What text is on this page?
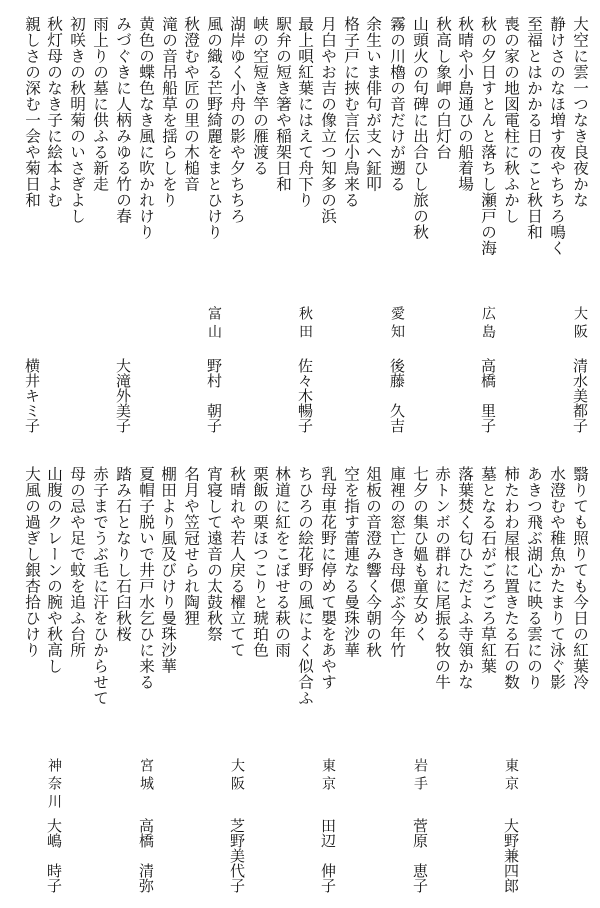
大空に雲一つなき良夜かな
静けさのなほ増す夜やちちろ鳴く
至福とはかかる日のこと秋日和
喪の家の地図電柱に秋ふかし
秋の夕日すとんと落ちし瀬戸の海
秋晴や小島通ひの船着場
秋高し象岬の白灯台
山頭火の句碑に出合ひし旅の秋
霧の川櫓の音だけが遡る
余生いま俳句が支へ鉦叩
格子戸に挾む言伝小鳥来る
月白やお吉の像立つ知多の浜
最上唄紅葉にはえて舟下り
駅弁の短き箸や稲架日和
峡の空短き竿の雁渡る
湖岸ゆく小舟の影や夕ちちろ
風の織る芒野綺麗をまとひけり
秋澄むや匠の里の木槌音
滝の音吊船草を揺らしをり
黄色の蝶色なき風に吹かれけり
みづぐきに人柄みゆる竹の春
雨上りの墓に供ふる新走
初咲きの秋明菊のいさぎよし
秋灯母のなき子に絵本よむ
親しさの深む一会や菊日和
大阪
清水美都子
広島
高橋　里子
愛知
後藤　久吉
秋田
佐々木暢子
富山
野村　朝子
大滝外美子
横井キミ子
翳りても照りても今日の紅葉冷
水澄むや稚魚かたまりて泳ぐ影
あきつ飛ぶ湖心に映る雲にのり
柿たわわ屋根に置きたる石の数
墓となる石がごろごろ草紅葉
落葉焚く匂ひただよふ寺領かな
赤トンボの群れに尾振る牧の牛
七夕の集ひ媼も童女めく
庫裡の窓亡き母偲ぶ今年竹
俎板の音澄み響く今朝の秋
空を指す蕾連なる曼珠沙華
乳母車花野に停めて嬰をあやす
ちひろの絵花野の風によく似合ふ
林道に紅をこぼせる萩の雨
栗飯の栗ほつこりと琥珀色
秋晴れや若人戻る櫂立てて
宵寝して遠音の太鼓秋祭
名月や笠冠せられ陶狸
棚田より風及びけり曼珠沙華
夏帽子脱いで井戸水乞ひに来る
踏み石となりし石臼秋桜
赤子までうぶ毛に汗をひからせて
母の忌や足で蚊を追ふ台所
山腹のクレーンの腕や秋高し
大風の過ぎし銀杏拾ひけり
東京
大野兼四郎
岩手
菅原　恵子
東京
田辺　伸子
大阪
芝野美代子
宮城
高橋　清弥
神奈川
大嶋　時子
